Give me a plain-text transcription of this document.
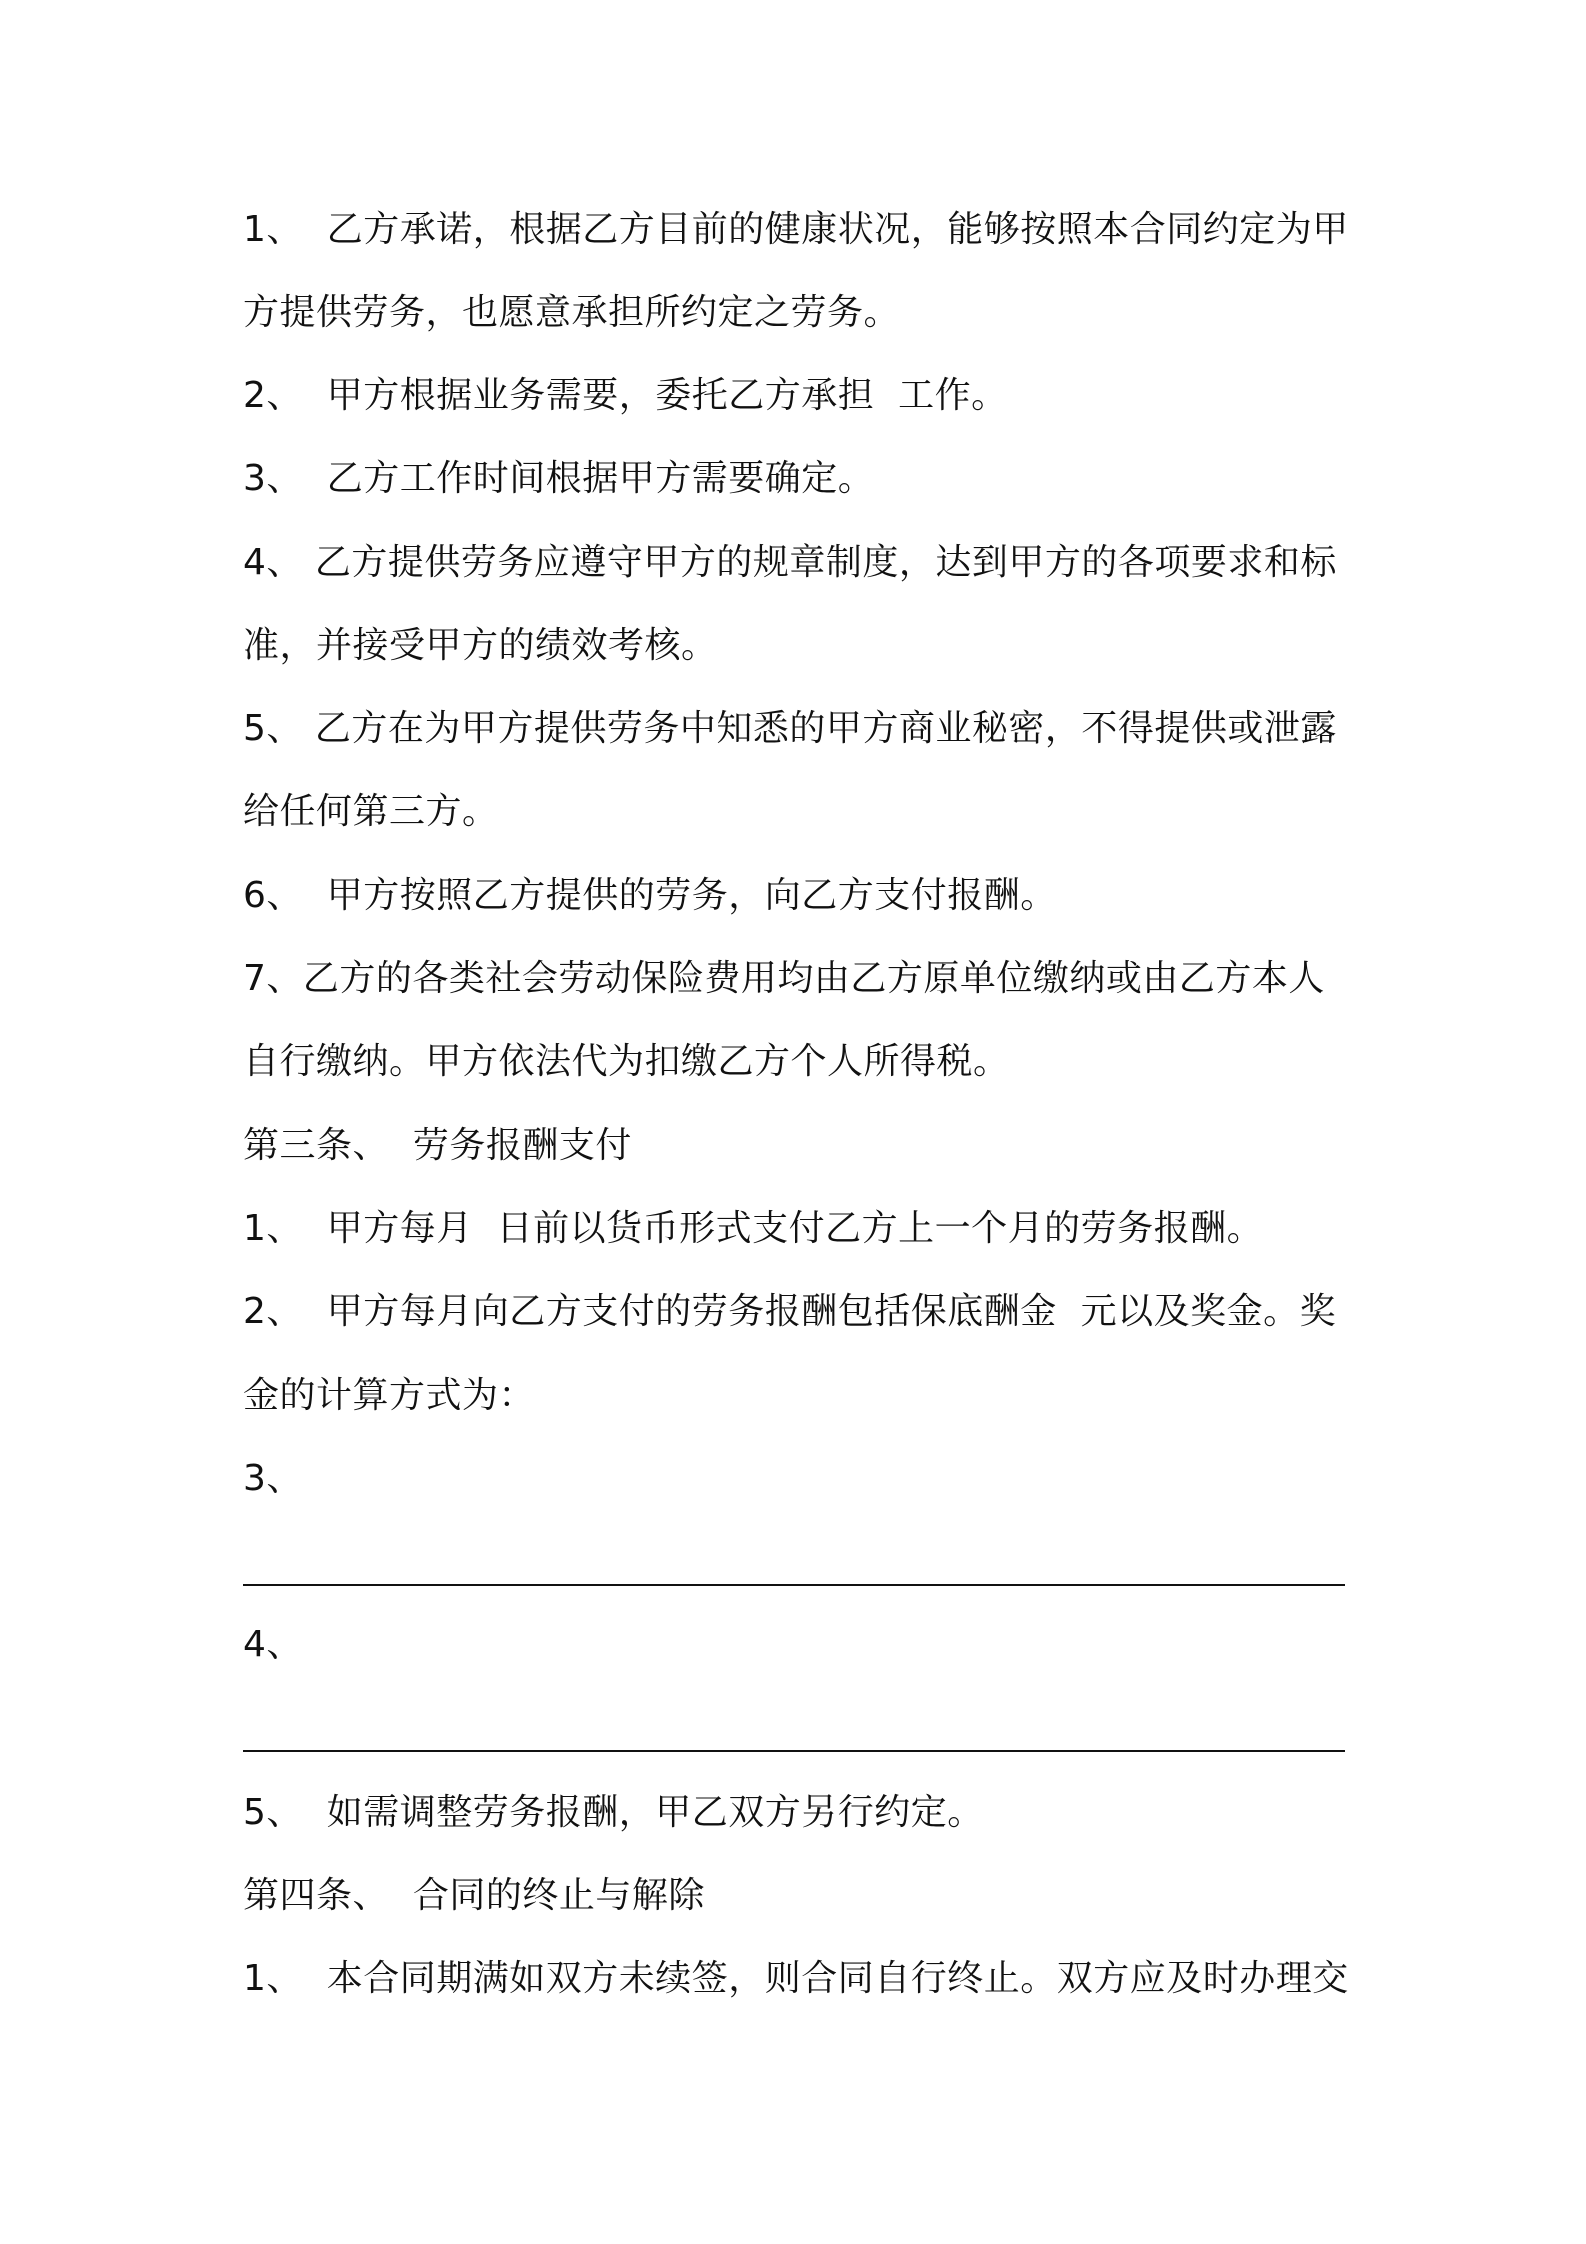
1、  乙方承诺，根据乙方目前的健康状况，能够按照本合同约定为甲
方提供劳务，也愿意承担所约定之劳务。
2、  甲方根据业务需要，委托乙方承担  工作。
3、  乙方工作时间根据甲方需要确定。
4、 乙方提供劳务应遵守甲方的规章制度，达到甲方的各项要求和标
准，并接受甲方的绩效考核。
5、 乙方在为甲方提供劳务中知悉的甲方商业秘密，不得提供或泄露
给任何第三方。
6、  甲方按照乙方提供的劳务，向乙方支付报酬。
7、乙方的各类社会劳动保险费用均由乙方原单位缴纳或由乙方本人
自行缴纳。甲方依法代为扣缴乙方个人所得税。
第三条、  劳务报酬支付
1、  甲方每月  日前以货币形式支付乙方上一个月的劳务报酬。
2、  甲方每月向乙方支付的劳务报酬包括保底酬金  元以及奖金。奖
金的计算方式为：
3、
4、
5、  如需调整劳务报酬，甲乙双方另行约定。
第四条、  合同的终止与解除
1、  本合同期满如双方未续签，则合同自行终止。双方应及时办理交
